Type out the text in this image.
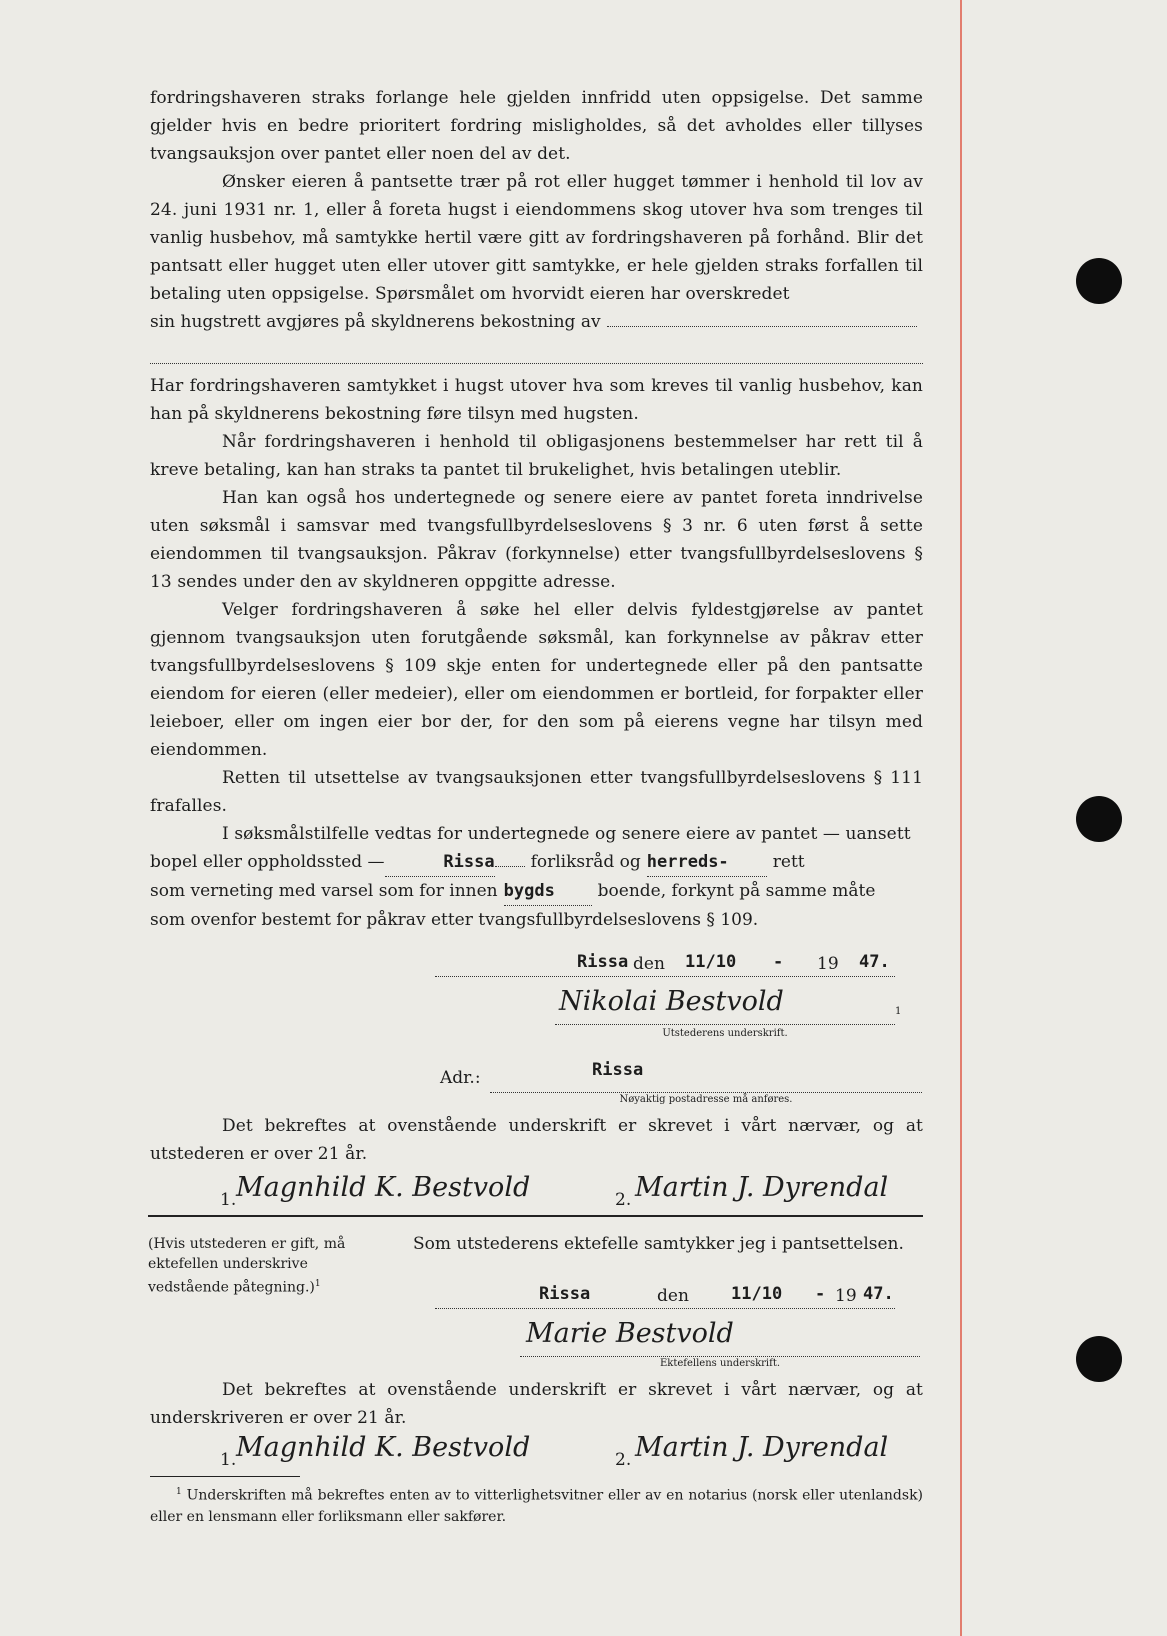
fordringshaveren straks forlange hele gjelden innfridd uten oppsigelse. Det samme gjelder hvis en bedre prioritert fordring misligholdes, så det avholdes eller tillyses tvangsauksjon over pantet eller noen del av det.

Ønsker eieren å pantsette trær på rot eller hugget tømmer i henhold til lov av 24. juni 1931 nr. 1, eller å foreta hugst i eiendommens skog utover hva som trenges til vanlig husbehov, må samtykke hertil være gitt av fordringshaveren på forhånd. Blir det pantsatt eller hugget uten eller utover gitt samtykke, er hele gjelden straks forfallen til betaling uten oppsigelse. Spørsmålet om hvorvidt eieren har overskredet

sin hugstrett avgjøres på skyldnerens bekostning av

Har fordringshaveren samtykket i hugst utover hva som kreves til vanlig husbehov, kan han på skyldnerens bekostning føre tilsyn med hugsten.

Når fordringshaveren i henhold til obligasjonens bestemmelser har rett til å kreve betaling, kan han straks ta pantet til brukelighet, hvis betalingen uteblir.

Han kan også hos undertegnede og senere eiere av pantet foreta inndrivelse uten søksmål i samsvar med tvangsfullbyrdelseslovens § 3 nr. 6 uten først å sette eiendommen til tvangsauksjon. Påkrav (forkynnelse) etter tvangsfullbyrdelseslovens § 13 sendes under den av skyldneren oppgitte adresse.

Velger fordringshaveren å søke hel eller delvis fyldestgjørelse av pantet gjennom tvangsauksjon uten forutgående søksmål, kan forkynnelse av påkrav etter tvangsfullbyrdelseslovens § 109 skje enten for undertegnede eller på den pantsatte eiendom for eieren (eller medeier), eller om eiendommen er bortleid, for forpakter eller leieboer, eller om ingen eier bor der, for den som på eierens vegne har tilsyn med eiendommen.

Retten til utsettelse av tvangsauksjonen etter tvangsfullbyrdelseslovens § 111 frafalles.

I søksmålstilfelle vedtas for undertegnede og senere eiere av pantet — uansett

bopel eller oppholdssted —	Rissa forliksråd og herreds-	rett
som verneting med varsel som for innen bygds	boende, forkynt på samme måte
som ovenfor bestemt for påkrav etter tvangsfullbyrdelseslovens § 109.
Rissa den 11/10 - 19 47.
Nikolai Bestvold	1
Utstederens underskrift.
Adr.:	Rissa
Nøyaktig postadresse må anføres.

Det bekreftes at ovenstående underskrift er skrevet i vårt nærvær, og at utstederen er over 21 år.

1. Magnhild K. Bestvold	2. Martin J. Dyrendal
(Hvis utstederen er gift, må ektefellen underskrive vedstående påtegning.)$^1$
Som utstederens ektefelle samtykker jeg i pantsettelsen.
Rissa	den 11/10 - 19 47.
Marie Bestvold
Ektefellens underskrift.

Det bekreftes at ovenstående underskrift er skrevet i vårt nærvær, og at underskriveren er over 21 år.

1. Magnhild K. Bestvold	2. Martin J. Dyrendal
$^1$ Underskriften må bekreftes enten av to vitterlighetsvitner eller av en notarius (norsk eller utenlandsk) eller en lensmann eller forliksmann eller sakfører.
